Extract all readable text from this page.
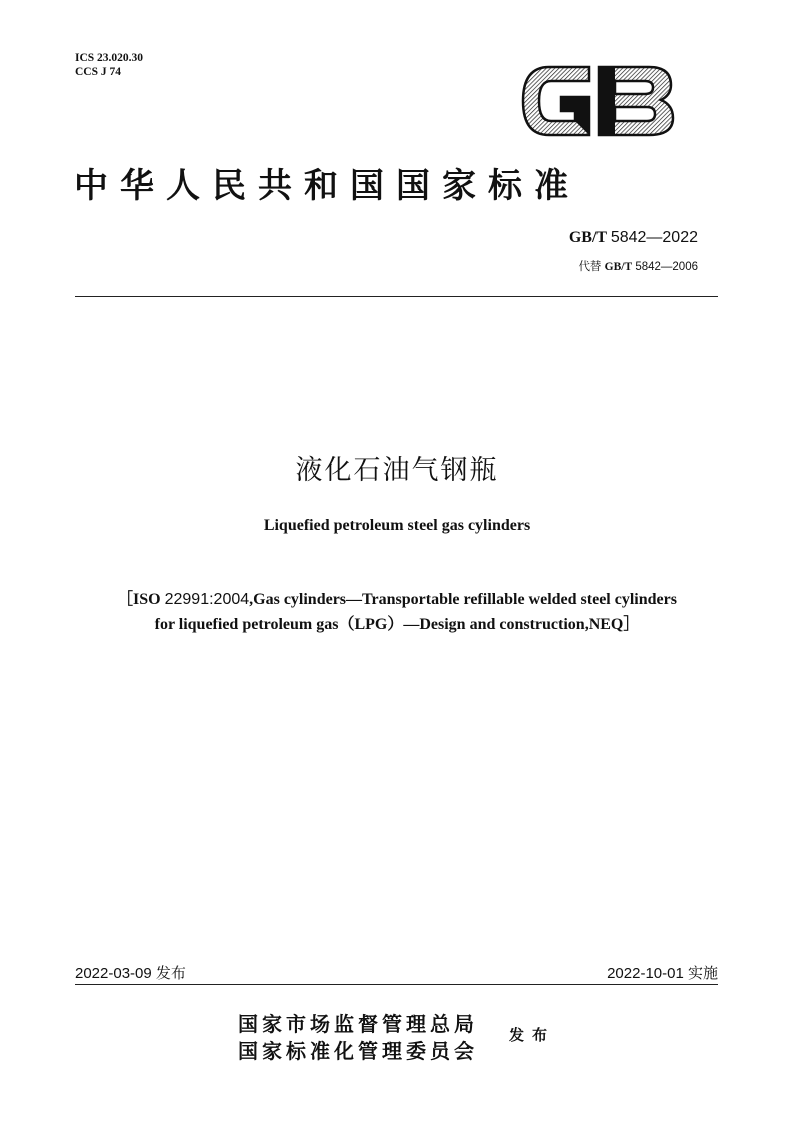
ICS 23.020.30
CCS J 74
中华人民共和国国家标准
GB/T 5842—2022
代替 GB/T 5842—2006
液化石油气钢瓶
Liquefied petroleum steel gas cylinders
［ISO 22991:2004,Gas cylinders—Transportable refillable welded steel cylinders
for liquefied petroleum gas（LPG）—Design and construction,NEQ］
2022-03-09 发布	2022-10-01 实施
国家市场监督管理总局
国家标准化管理委员会
发布
